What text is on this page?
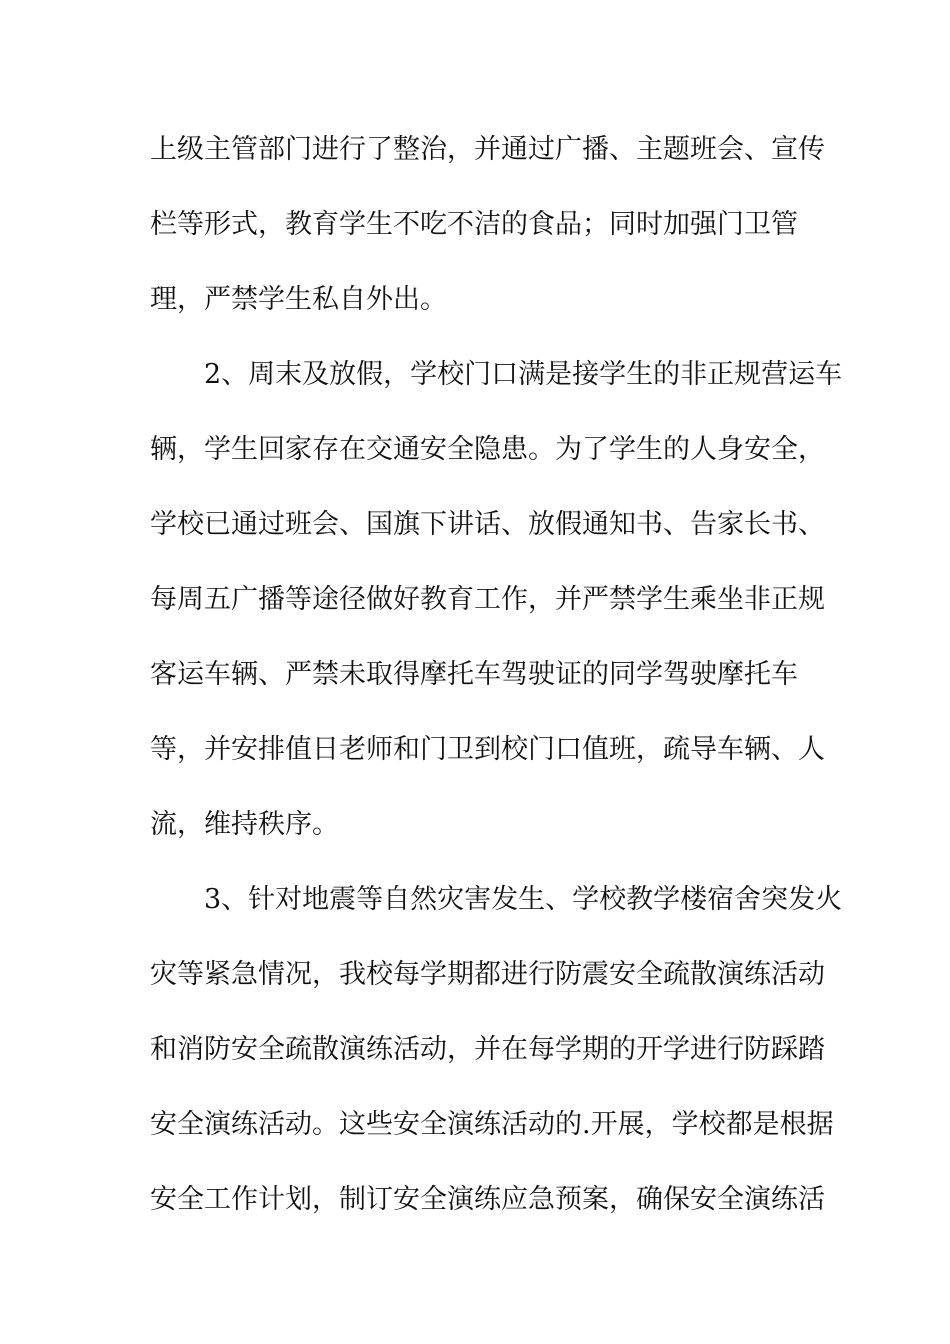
上级主管部门进行了整治，并通过广播、主题班会、宣传

栏等形式，教育学生不吃不洁的食品；同时加强门卫管

理，严禁学生私自外出。

2、周末及放假，学校门口满是接学生的非正规营运车

辆，学生回家存在交通安全隐患。为了学生的人身安全，

学校已通过班会、国旗下讲话、放假通知书、告家长书、

每周五广播等途径做好教育工作，并严禁学生乘坐非正规

客运车辆、严禁未取得摩托车驾驶证的同学驾驶摩托车

等，并安排值日老师和门卫到校门口值班，疏导车辆、人

流，维持秩序。

3、针对地震等自然灾害发生、学校教学楼宿舍突发火

灾等紧急情况，我校每学期都进行防震安全疏散演练活动

和消防安全疏散演练活动，并在每学期的开学进行防踩踏

安全演练活动。这些安全演练活动的.开展，学校都是根据

安全工作计划，制订安全演练应急预案，确保安全演练活
